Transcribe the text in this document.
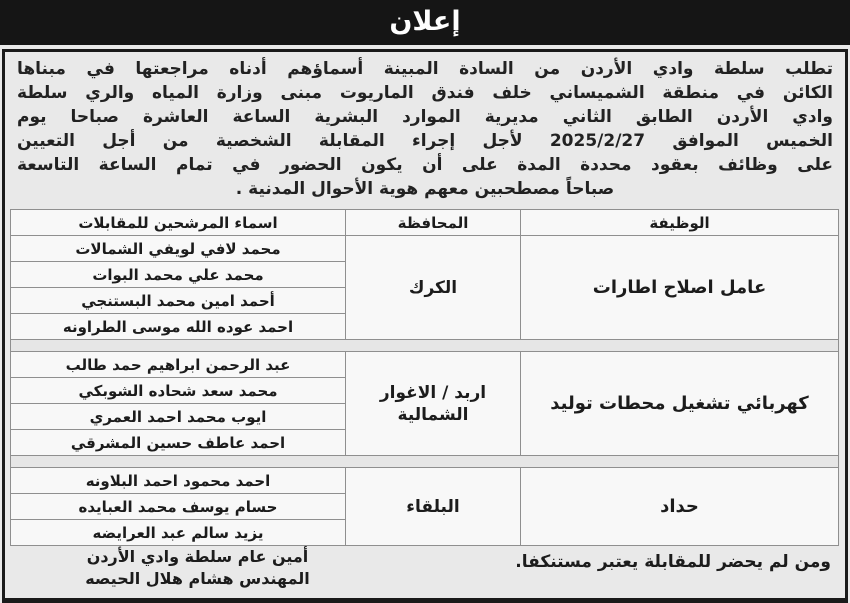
إعلان
تطلب سلطة وادي الأردن من السادة المبينة أسماؤهم أدناه مراجعتها في مبناها
الكائن في منطقة الشميساني خلف فندق الماريوت مبنى وزارة المياه والري سلطة
وادي الأردن الطابق الثاني مديرية الموارد البشرية الساعة العاشرة صباحا يوم
الخميس الموافق 2025/2/27 لأجل إجراء المقابلة الشخصية من أجل التعيين
على وظائف بعقود محددة المدة على أن يكون الحضور في تمام الساعة التاسعة
صباحاً مصطحبين معهم هوية الأحوال المدنية .
الوظيفة	المحافظة	اسماء المرشحين للمقابلات
عامل اصلاح اطارات	الكرك	محمد لافي لويفي الشمالات
		محمد علي محمد البوات
		أحمد امين محمد البستنجي
		احمد عوده الله موسى الطراونه

كهربائي تشغيل محطات توليد	اربد / الاغوار الشمالية	عبد الرحمن ابراهيم حمد طالب
		محمد سعد شحاده الشوبكي
		ايوب محمد احمد العمري
		احمد عاطف حسين المشرقي

حداد	البلقاء	احمد محمود احمد البلاونه
		حسام يوسف محمد العبايده
		يزيد سالم عبد العرايضه
ومن لم يحضر للمقابلة يعتبر مستنكفا.
أمين عام سلطة وادي الأردن
المهندس هشام هلال الحيصه
